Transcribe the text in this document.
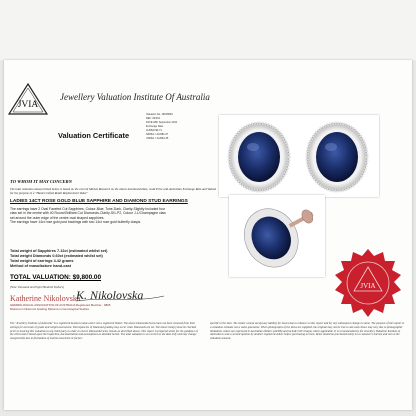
JVIA
Jewellery Valuation Institute Of Australia
Valuation No. 19915894
REF: 06/001
DATE 28th September 2021
Exchange Rate
AUD$1=$0.74
NZD$1 = AUD$1.07
USD$1 = AUD$1.35
Valuation Certificate
TO WHOM IT MAY CONCERN
The total valuation amount listed below is based on the current Market Research on the above-mentioned Date, Gold Price and Australian Exchange Rate and Valued for the purpose of a "Hand-Crafted Retail Replacement Value"
LADIES 14CT ROSE GOLD BLUE SAPPHIRE AND DIAMOND STUD EARRINGS
The earrings have 2 Oval Faceted Cut Sapphires, Colour-Blue, Tone-Dark, Clarity-Slightly Included four
claw set in the centre with 40 Round Brilliant Cut Diamonds-Clarity-SI1-P2, Colour J-L/Champagne claw
set around the outer edge of the centre oval shaped sapphires.
The earrings have 14ct rose gold post backings with two 14ct rose gold butterfly clasps.
Total weight of Sapphires 7.12ct (estimated whilst set)
Total weight Diamonds 0.60ct (estimated whilst set)
Total weight of earrings 4.42 grams
Method of manufacture hand-cast
TOTAL VALUATION: $9,800.00
(Nine Thousand and Eight Hundred Dollars)
Katherine Nikolovska
K. Nikolovska
GEMMOLOGICAL ASSOCIATION OF AUSTRALIA Registered Member - 9825
Diploma in Diamond Grading Diploma in Gemological Studies
The "Jewellery Institute of Australia" is a registered business name and is not a registered Valuer. The above Diamonds/Gems have not been removed from their settings for accurate of grade and weight assessment. Discrepancies of Diamond grading may occur when Diamonds are set. The above item(s) must be checked prior to insuring this valuation to any third party in order to ensure Diamonds/Gems remain as described above. This report is prepared solely for the guidance of the client and is based upon the inspection, documentation and assumptions as detailed herein. The total valuation is as current as the date only and may change unexpectedly due to fluctuation of market movement or factors
specific to the item. The valuer cannot accept any liability for losses due to reliance on this report and for any subsequent change in value. The purpose of this report is a valuation estimate not a value guarantee. When photographs of the items are supplied, the original may not be true to size and colour may vary due to photographic limitations values are expressed in Australian Dollars (AUD$) and include GST charges where applicable. It is recommended by the Jewellery Valuation Institute of Australia to seek a second opinion by another registered valuer before purchasing an item. Items should be purchased solely on a customer's interest and not on the valuation amount.
JVIA
